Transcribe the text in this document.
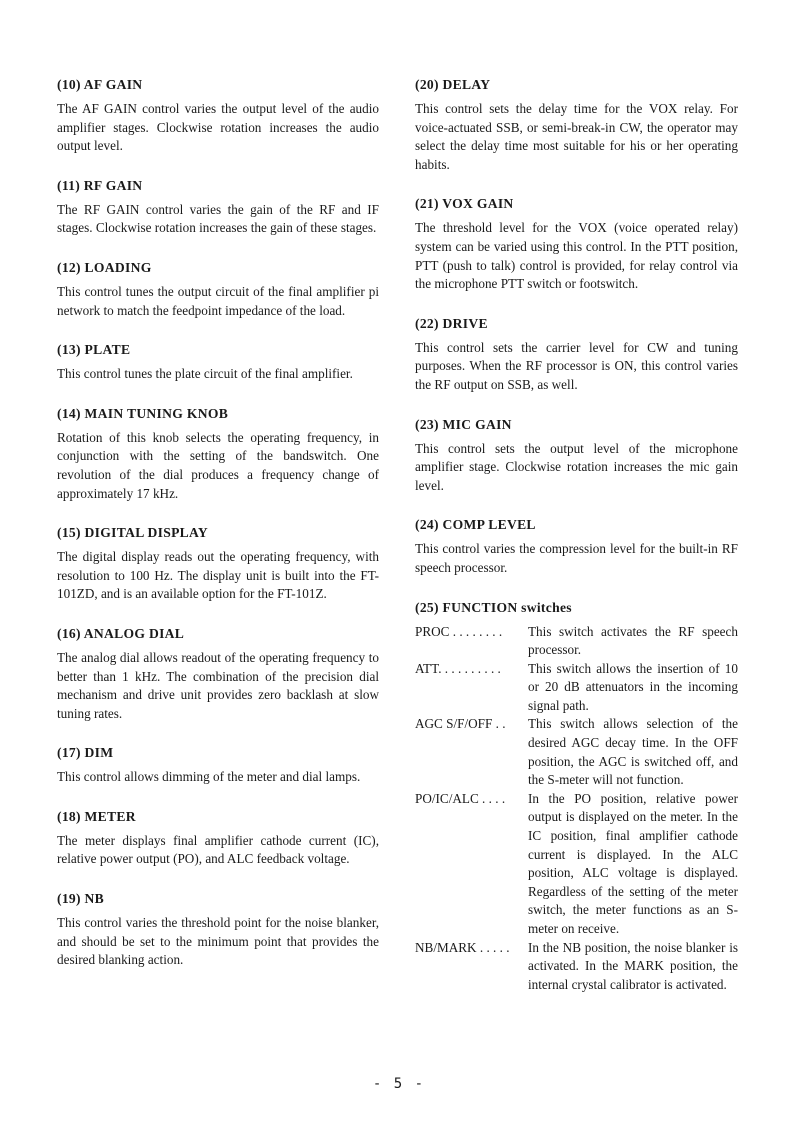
(10) AF GAIN

The AF GAIN control varies the output level of the audio amplifier stages. Clockwise rotation increases the audio output level.

(11) RF GAIN

The RF GAIN control varies the gain of the RF and IF stages. Clockwise rotation increases the gain of these stages.

(12) LOADING

This control tunes the output circuit of the final amplifier pi network to match the feedpoint impedance of the load.

(13) PLATE

This control tunes the plate circuit of the final amplifier.

(14) MAIN TUNING KNOB

Rotation of this knob selects the operating frequency, in conjunction with the setting of the bandswitch. One revolution of the dial produces a frequency change of approximately 17 kHz.

(15) DIGITAL DISPLAY

The digital display reads out the operating frequency, with resolution to 100 Hz. The display unit is built into the FT-101ZD, and is an available option for the FT-101Z.

(16) ANALOG DIAL

The analog dial allows readout of the operating frequency to better than 1 kHz. The combination of the precision dial mechanism and drive unit provides zero backlash at slow tuning rates.

(17) DIM

This control allows dimming of the meter and dial lamps.

(18) METER

The meter displays final amplifier cathode current (IC), relative power output (PO), and ALC feedback voltage.

(19) NB

This control varies the threshold point for the noise blanker, and should be set to the minimum point that provides the desired blanking action.

(20) DELAY

This control sets the delay time for the VOX relay. For voice-actuated SSB, or semi-break-in CW, the operator may select the delay time most suitable for his or her operating habits.

(21) VOX GAIN

The threshold level for the VOX (voice operated relay) system can be varied using this control. In the PTT position, PTT (push to talk) control is provided, for relay control via the microphone PTT switch or footswitch.

(22) DRIVE

This control sets the carrier level for CW and tuning purposes. When the RF processor is ON, this control varies the RF output on SSB, as well.

(23) MIC GAIN

This control sets the output level of the microphone amplifier stage. Clockwise rotation increases the mic gain level.

(24) COMP LEVEL

This control varies the compression level for the built-in RF speech processor.

(25) FUNCTION switches
PROC . . . . . . . .	This switch activates the RF speech processor.
ATT. . . . . . . . . .	This switch allows the insertion of 10 or 20 dB attenuators in the incoming signal path.
AGC S/F/OFF . .	This switch allows selection of the desired AGC decay time. In the OFF position, the AGC is switched off, and the S-meter will not function.
PO/IC/ALC . . . .	In the PO position, relative power output is displayed on the meter. In the IC position, final amplifier cathode current is displayed. In the ALC position, ALC voltage is displayed. Regardless of the setting of the meter switch, the meter functions as an S-meter on receive.
NB/MARK . . . . .	In the NB position, the noise blanker is activated. In the MARK position, the internal crystal calibrator is activated.
- 5 -
